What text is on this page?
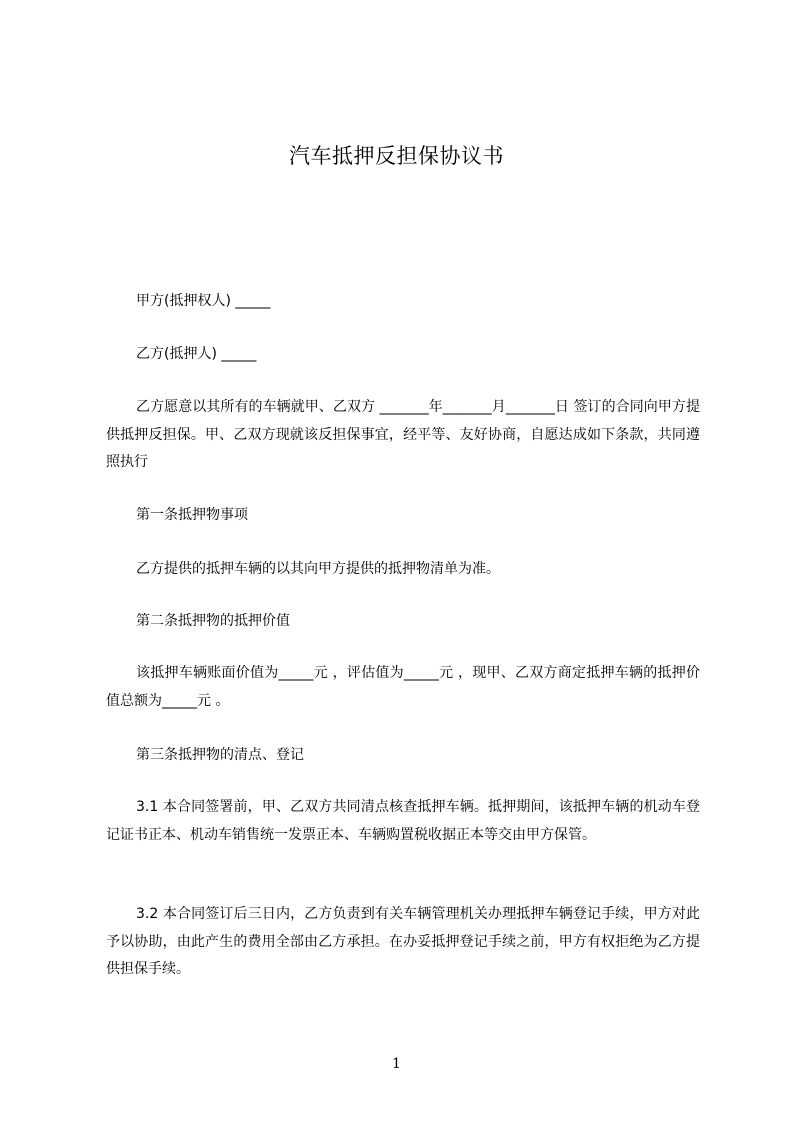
汽车抵押反担保协议书
甲方(抵押权人) _____
乙方(抵押人) _____
乙方愿意以其所有的车辆就甲、乙双方 _______年_______月_______日 签订的合同向甲方提供抵押反担保。甲、乙双方现就该反担保事宜，经平等、友好协商，自愿达成如下条款，共同遵照执行
第一条抵押物事项
乙方提供的抵押车辆的以其向甲方提供的抵押物清单为准。
第二条抵押物的抵押价值
该抵押车辆账面价值为_____元 ，评估值为_____元 ，现甲、乙双方商定抵押车辆的抵押价值总额为_____元 。
第三条抵押物的清点、登记
3.1 本合同签署前，甲、乙双方共同清点核查抵押车辆。抵押期间，该抵押车辆的机动车登记证书正本、机动车销售统一发票正本、车辆购置税收据正本等交由甲方保管。
3.2 本合同签订后三日内，乙方负责到有关车辆管理机关办理抵押车辆登记手续，甲方对此予以协助，由此产生的费用全部由乙方承担。在办妥抵押登记手续之前，甲方有权拒绝为乙方提供担保手续。
1
